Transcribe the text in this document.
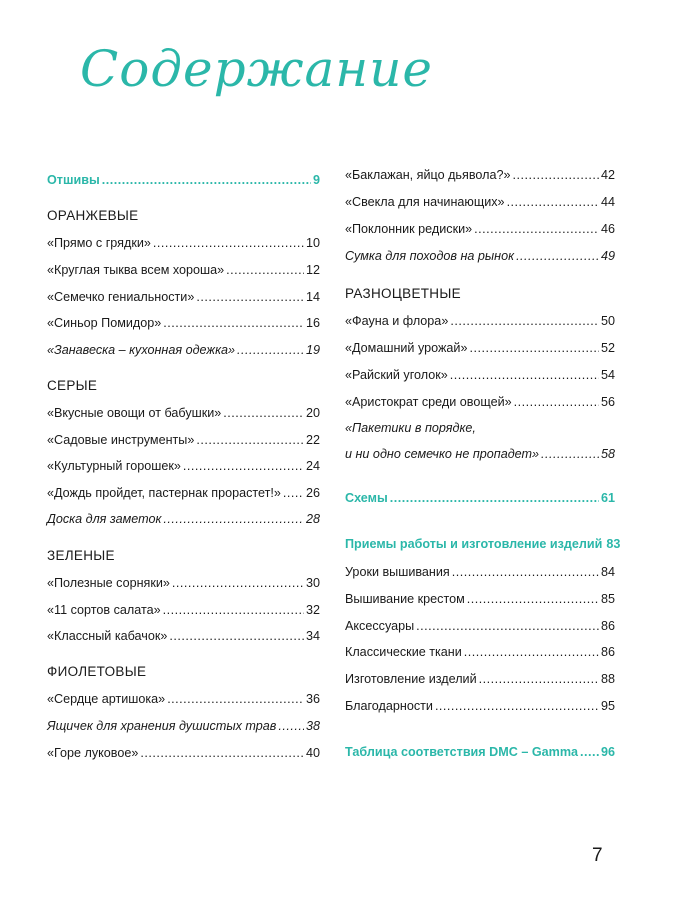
Содержание
Отшивы .....	9
ОРАНЖЕВЫЕ
«Прямо с грядки» .....	10
«Круглая тыква всем хороша» .....	12
«Семечко гениальности» .....	14
«Синьор Помидор» .....	16
«Занавеска – кухонная одежка» .....	19
СЕРЫЕ
«Вкусные овощи от бабушки» .....	20
«Садовые инструменты» .....	22
«Культурный горошек» .....	24
«Дождь пройдет, пастернак прорастет!» ..... 26
Доска для заметок .....	28
ЗЕЛЕНЫЕ
«Полезные сорняки» .....	30
«11 сортов салата» .....	32
«Классный кабачок» .....	34
ФИОЛЕТОВЫЕ
«Сердце артишока» .....	36
Ящичек для хранения душистых трав ..... 38
«Горе луковое» .....	40
«Баклажан, яйцо дьявола?» .....	42
«Свекла для начинающих» .....	44
«Поклонник редиски» .....	46
Сумка для походов на рынок .....	49
РАЗНОЦВЕТНЫЕ
«Фауна и флора» .....	50
«Домашний урожай» .....	52
«Райский уголок» .....	54
«Аристократ среди овощей» .....	56
«Пакетики в порядке,
и ни одно семечко не пропадет» .....	58
Схемы .....	61
Приемы работы и изготовление изделий 83
Уроки вышивания .....	84
Вышивание крестом .....	85
Аксессуары .....	86
Классические ткани .....	86
Изготовление изделий .....	88
Благодарности .....	95
Таблица соответствия DMC – Gamma ..... 96
7
